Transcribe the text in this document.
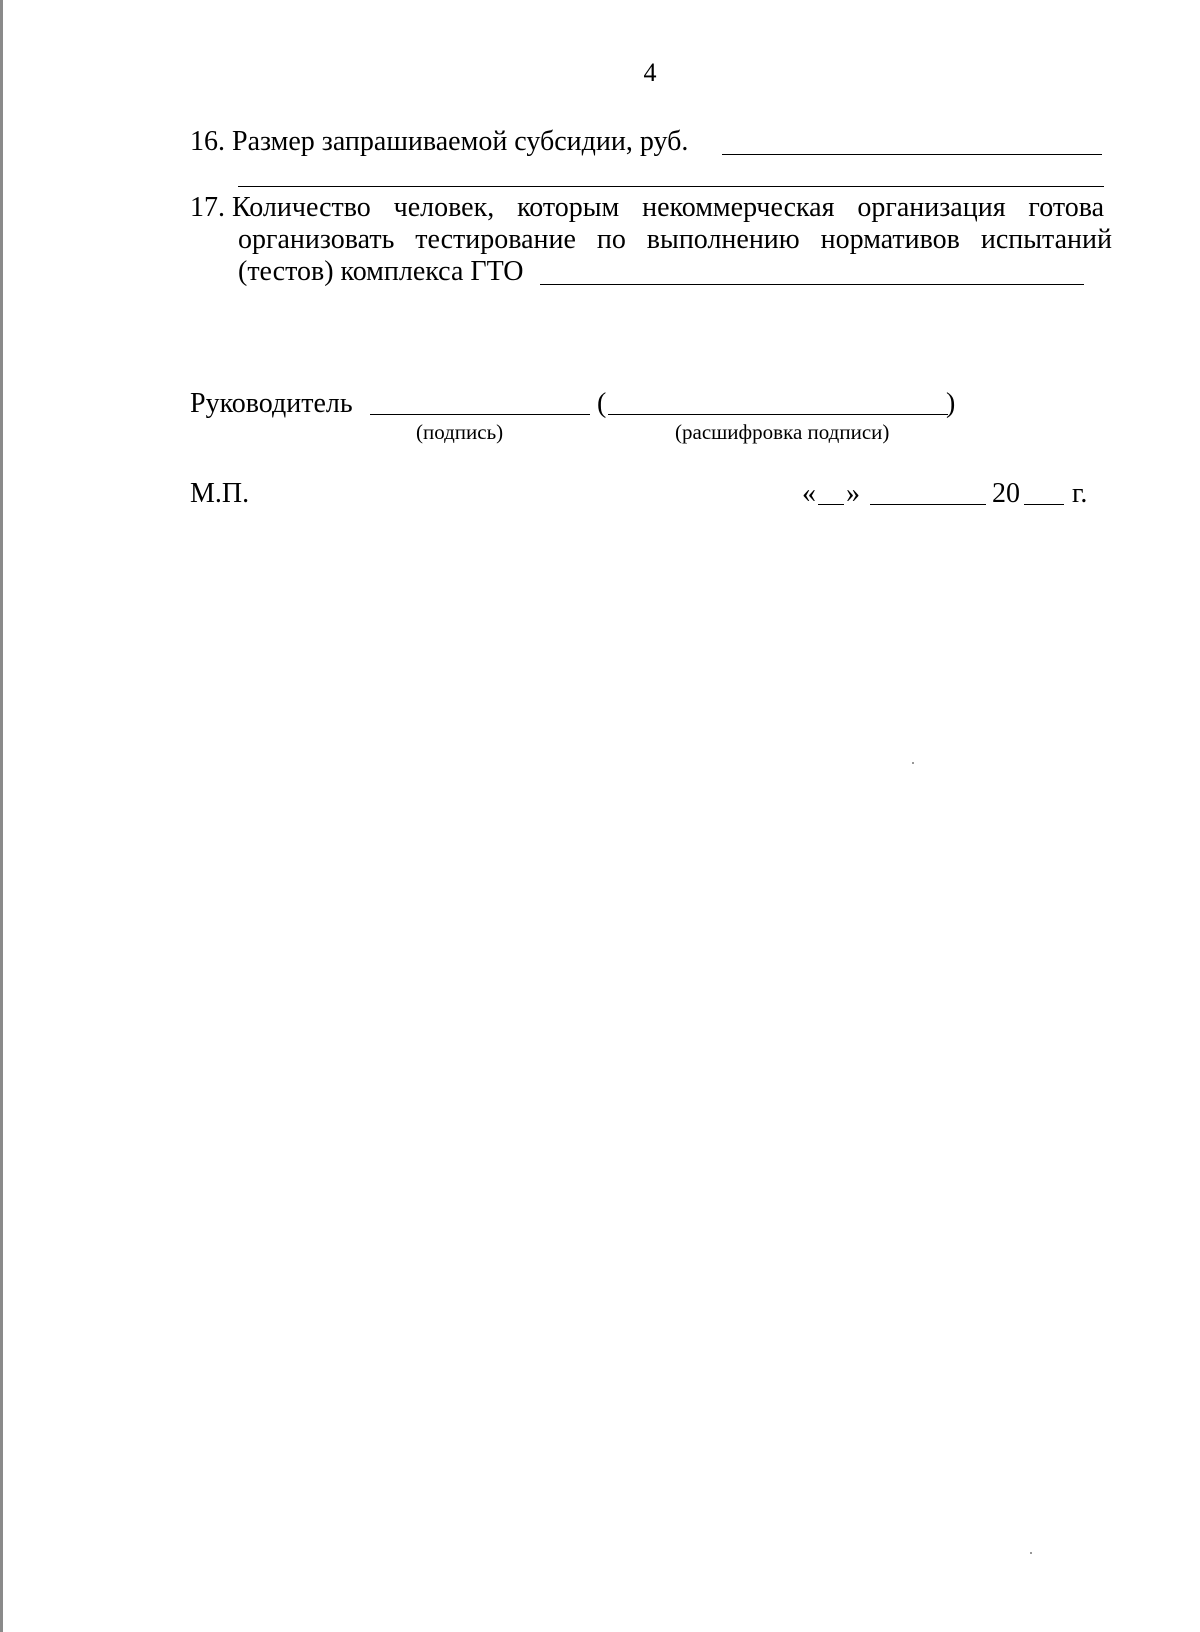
4
16. Размер запрашиваемой субсидии, руб.
17. Количество человек, которым некоммерческая организация готова
организовать тестирование по выполнению нормативов испытаний
(тестов) комплекса ГТО
Руководитель	(	)
(подпись)	(расшифровка подписи)
М.П.	« »	20 г.
